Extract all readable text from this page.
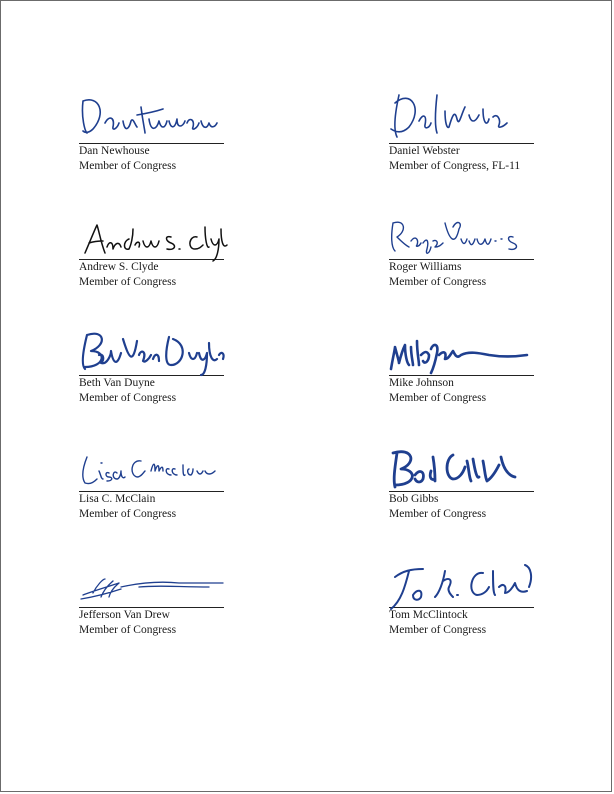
Dan Newhouse
Member of Congress
Daniel Webster
Member of Congress, FL-11
Andrew S. Clyde
Member of Congress
Roger Williams
Member of Congress
Beth Van Duyne
Member of Congress
Mike Johnson
Member of Congress
Lisa C. McClain
Member of Congress
Bob Gibbs
Member of Congress
Jefferson Van Drew
Member of Congress
Tom McClintock
Member of Congress
